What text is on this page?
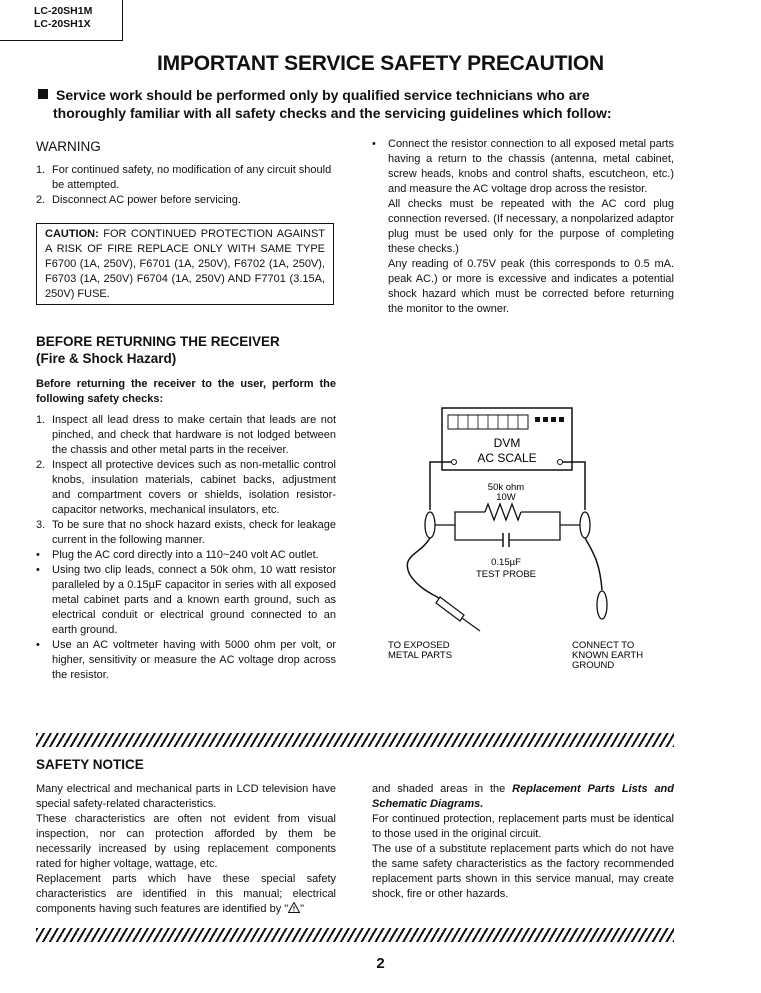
LC-20SH1M
LC-20SH1X
IMPORTANT SERVICE SAFETY PRECAUTION
Service work should be performed only by qualified service technicians who are
thoroughly familiar with all safety checks and the servicing guidelines which follow:
WARNING
1. For continued safety, no modification of any circuit should be attempted.
2. Disconnect AC power before servicing.
CAUTION: FOR CONTINUED PROTECTION AGAINST A RISK OF FIRE REPLACE ONLY WITH SAME TYPE F6700 (1A, 250V), F6701 (1A, 250V), F6702 (1A, 250V), F6703 (1A, 250V) F6704 (1A, 250V) AND F7701 (3.15A, 250V) FUSE.
BEFORE RETURNING THE RECEIVER
(Fire & Shock Hazard)
Before returning the receiver to the user, perform the following safety checks:
1. Inspect all lead dress to make certain that leads are not pinched, and check that hardware is not lodged between the chassis and other metal parts in the receiver.
2. Inspect all protective devices such as non-metallic control knobs, insulation materials, cabinet backs, adjustment and compartment covers or shields, isolation resistor-capacitor networks, mechanical insulators, etc.
3. To be sure that no shock hazard exists, check for leakage current in the following manner.
• Plug the AC cord directly into a 110~240 volt AC outlet.
• Using two clip leads, connect a 50k ohm, 10 watt resistor paralleled by a 0.15µF capacitor in series with all exposed metal cabinet parts and a known earth ground, such as electrical conduit or electrical ground connected to an earth ground.
• Use an AC voltmeter having with 5000 ohm per volt, or higher, sensitivity or measure the AC voltage drop across the resistor.
• Connect the resistor connection to all exposed metal parts having a return to the chassis (antenna, metal cabinet, screw heads, knobs and control shafts, escutcheon, etc.) and measure the AC voltage drop across the resistor.
All checks must be repeated with the AC cord plug connection reversed. (If necessary, a nonpolarized adaptor plug must be used only for the purpose of completing these checks.)
Any reading of 0.75V peak (this corresponds to 0.5 mA. peak AC.) or more is excessive and indicates a potential shock hazard which must be corrected before returning the monitor to the owner.
DVM
AC SCALE
50k ohm
10W
0.15µF
TEST PROBE
TO EXPOSED
METAL PARTS
CONNECT TO
KNOWN EARTH
GROUND
SAFETY NOTICE
Many electrical and mechanical parts in LCD television have special safety-related characteristics.
These characteristics are often not evident from visual inspection, nor can protection afforded by them be necessarily increased by using replacement components rated for higher voltage, wattage, etc.
Replacement parts which have these special safety characteristics are identified in this manual; electrical components having such features are identified by " "
and shaded areas in the Replacement Parts Lists and Schematic Diagrams.
For continued protection, replacement parts must be identical to those used in the original circuit.
The use of a substitute replacement parts which do not have the same safety characteristics as the factory recommended replacement parts shown in this service manual, may create shock, fire or other hazards.
2
